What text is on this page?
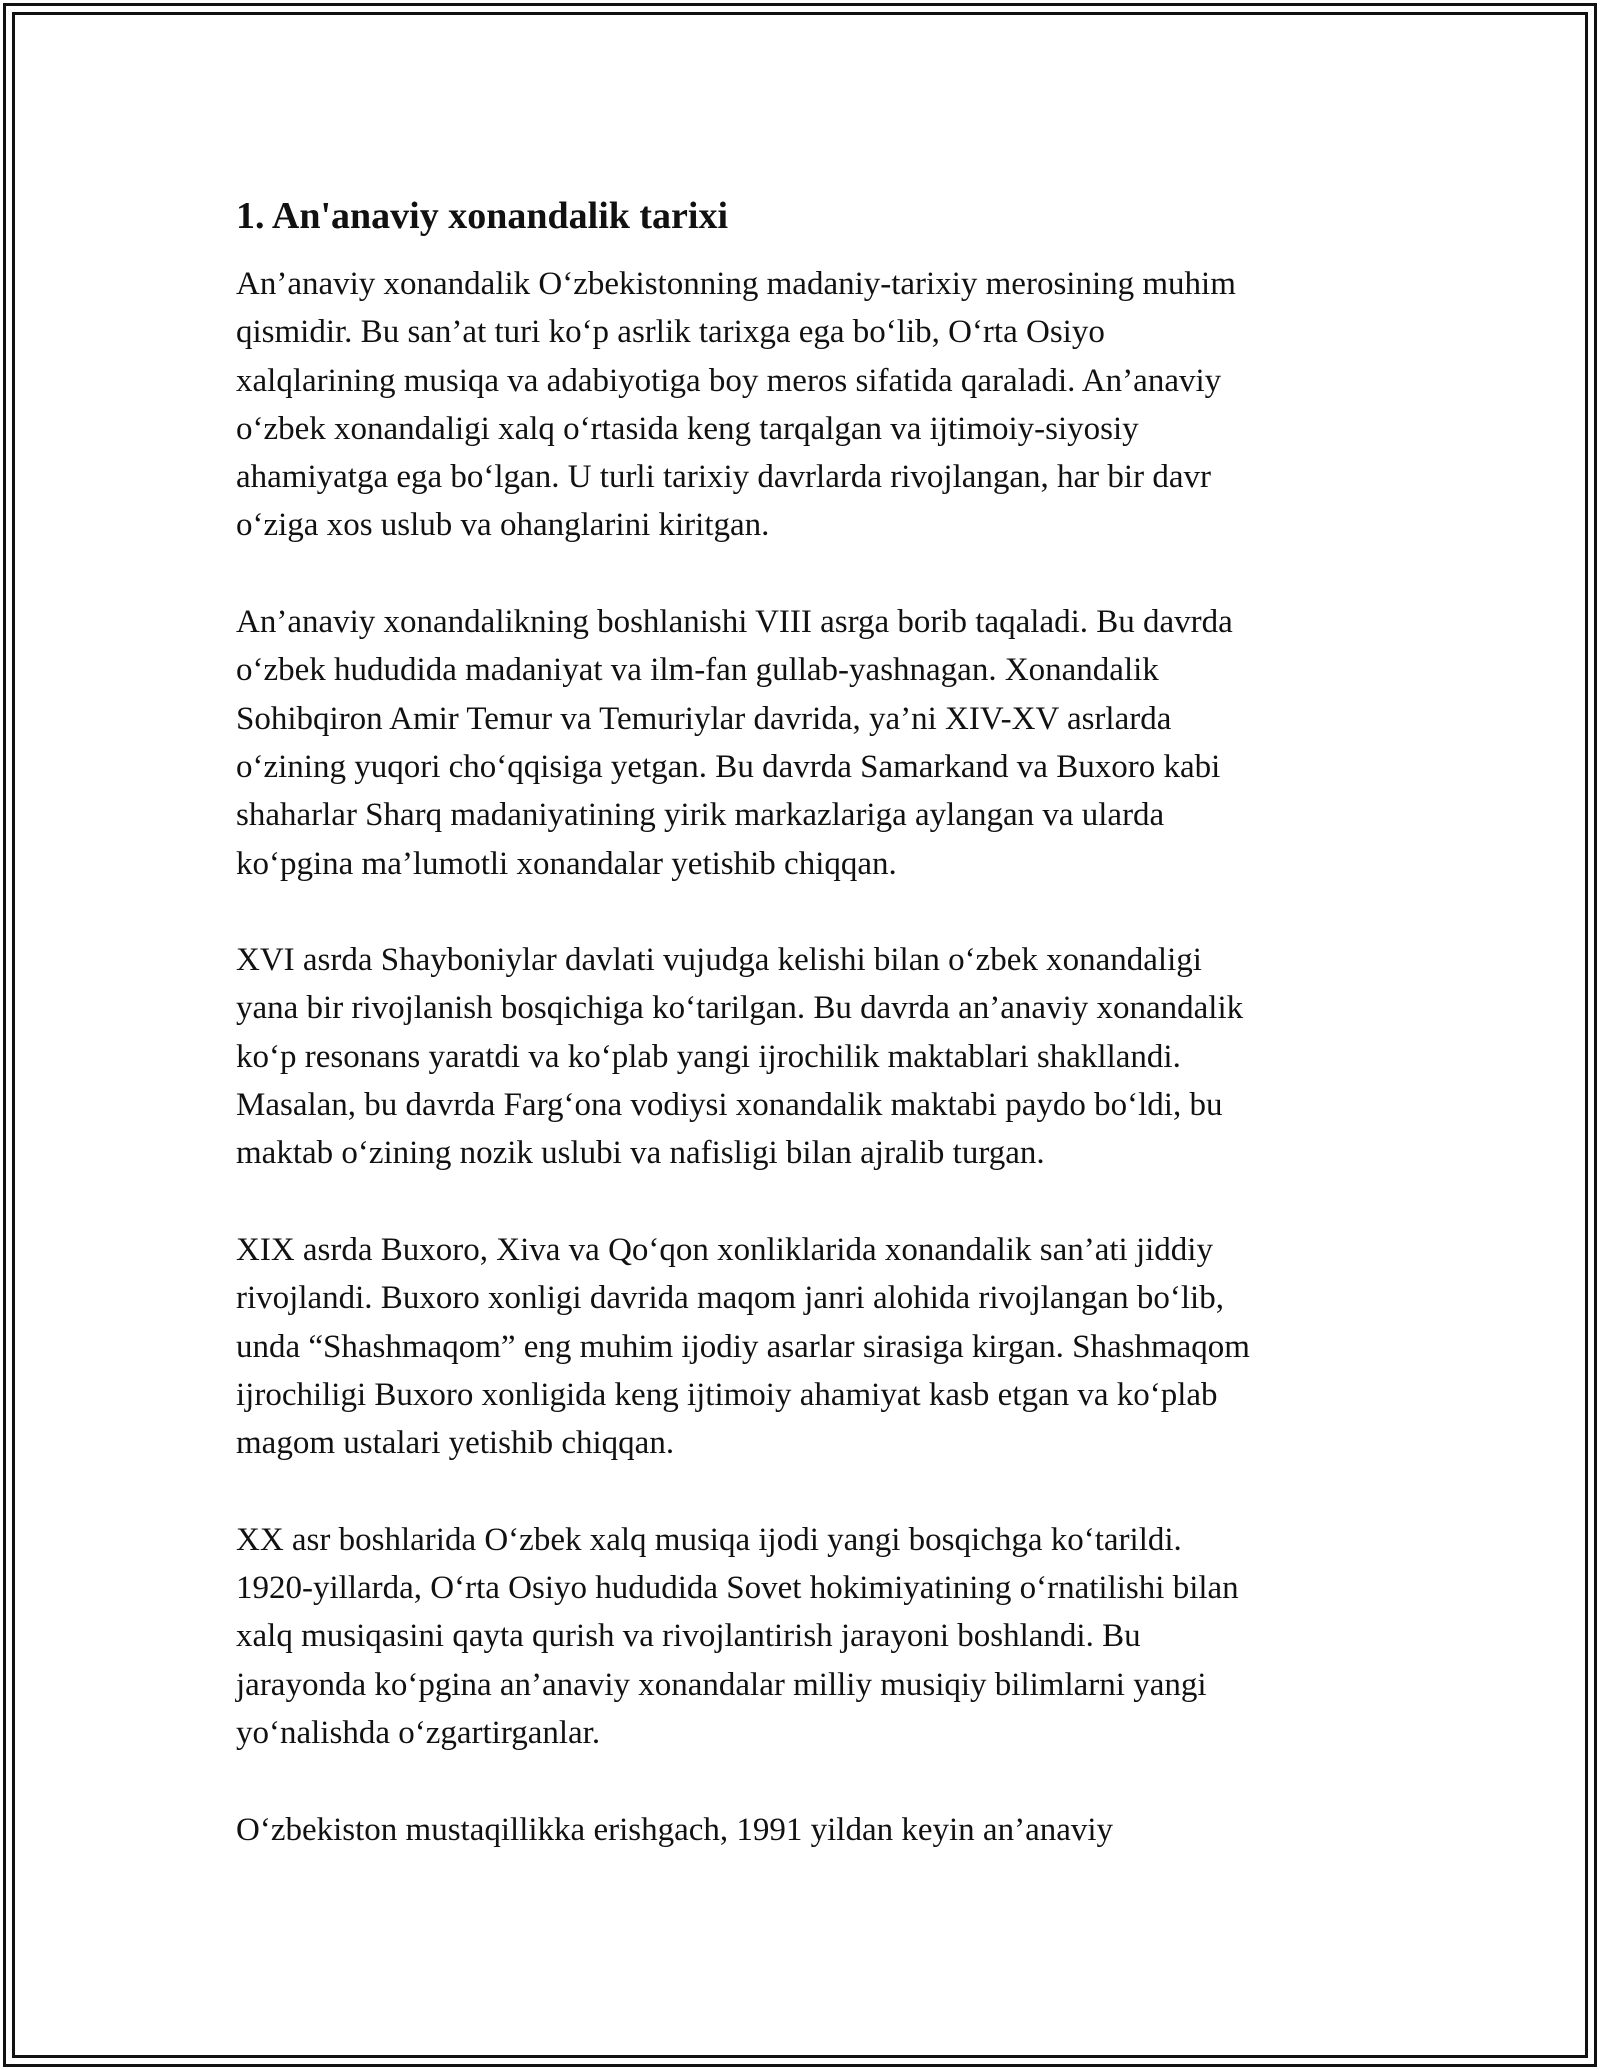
1. An'anaviy xonandalik tarixi
An’anaviy xonandalik O‘zbekistonning madaniy-tarixiy merosining muhim
qismidir. Bu san’at turi ko‘p asrlik tarixga ega bo‘lib, O‘rta Osiyo
xalqlarining musiqa va adabiyotiga boy meros sifatida qaraladi. An’anaviy
o‘zbek xonandaligi xalq o‘rtasida keng tarqalgan va ijtimoiy-siyosiy
ahamiyatga ega bo‘lgan. U turli tarixiy davrlarda rivojlangan, har bir davr
o‘ziga xos uslub va ohanglarini kiritgan.
An’anaviy xonandalikning boshlanishi VIII asrga borib taqaladi. Bu davrda
o‘zbek hududida madaniyat va ilm-fan gullab-yashnagan. Xonandalik
Sohibqiron Amir Temur va Temuriylar davrida, ya’ni XIV-XV asrlarda
o‘zining yuqori cho‘qqisiga yetgan. Bu davrda Samarkand va Buxoro kabi
shaharlar Sharq madaniyatining yirik markazlariga aylangan va ularda
ko‘pgina ma’lumotli xonandalar yetishib chiqqan.
XVI asrda Shayboniylar davlati vujudga kelishi bilan o‘zbek xonandaligi
yana bir rivojlanish bosqichiga ko‘tarilgan. Bu davrda an’anaviy xonandalik
ko‘p resonans yaratdi va ko‘plab yangi ijrochilik maktablari shakllandi.
Masalan, bu davrda Farg‘ona vodiysi xonandalik maktabi paydo bo‘ldi, bu
maktab o‘zining nozik uslubi va nafisligi bilan ajralib turgan.
XIX asrda Buxoro, Xiva va Qo‘qon xonliklarida xonandalik san’ati jiddiy
rivojlandi. Buxoro xonligi davrida maqom janri alohida rivojlangan bo‘lib,
unda “Shashmaqom” eng muhim ijodiy asarlar sirasiga kirgan. Shashmaqom
ijrochiligi Buxoro xonligida keng ijtimoiy ahamiyat kasb etgan va ko‘plab
magom ustalari yetishib chiqqan.
XX asr boshlarida O‘zbek xalq musiqa ijodi yangi bosqichga ko‘tarildi.
1920-yillarda, O‘rta Osiyo hududida Sovet hokimiyatining o‘rnatilishi bilan
xalq musiqasini qayta qurish va rivojlantirish jarayoni boshlandi. Bu
jarayonda ko‘pgina an’anaviy xonandalar milliy musiqiy bilimlarni yangi
yo‘nalishda o‘zgartirganlar.
O‘zbekiston mustaqillikka erishgach, 1991 yildan keyin an’anaviy
